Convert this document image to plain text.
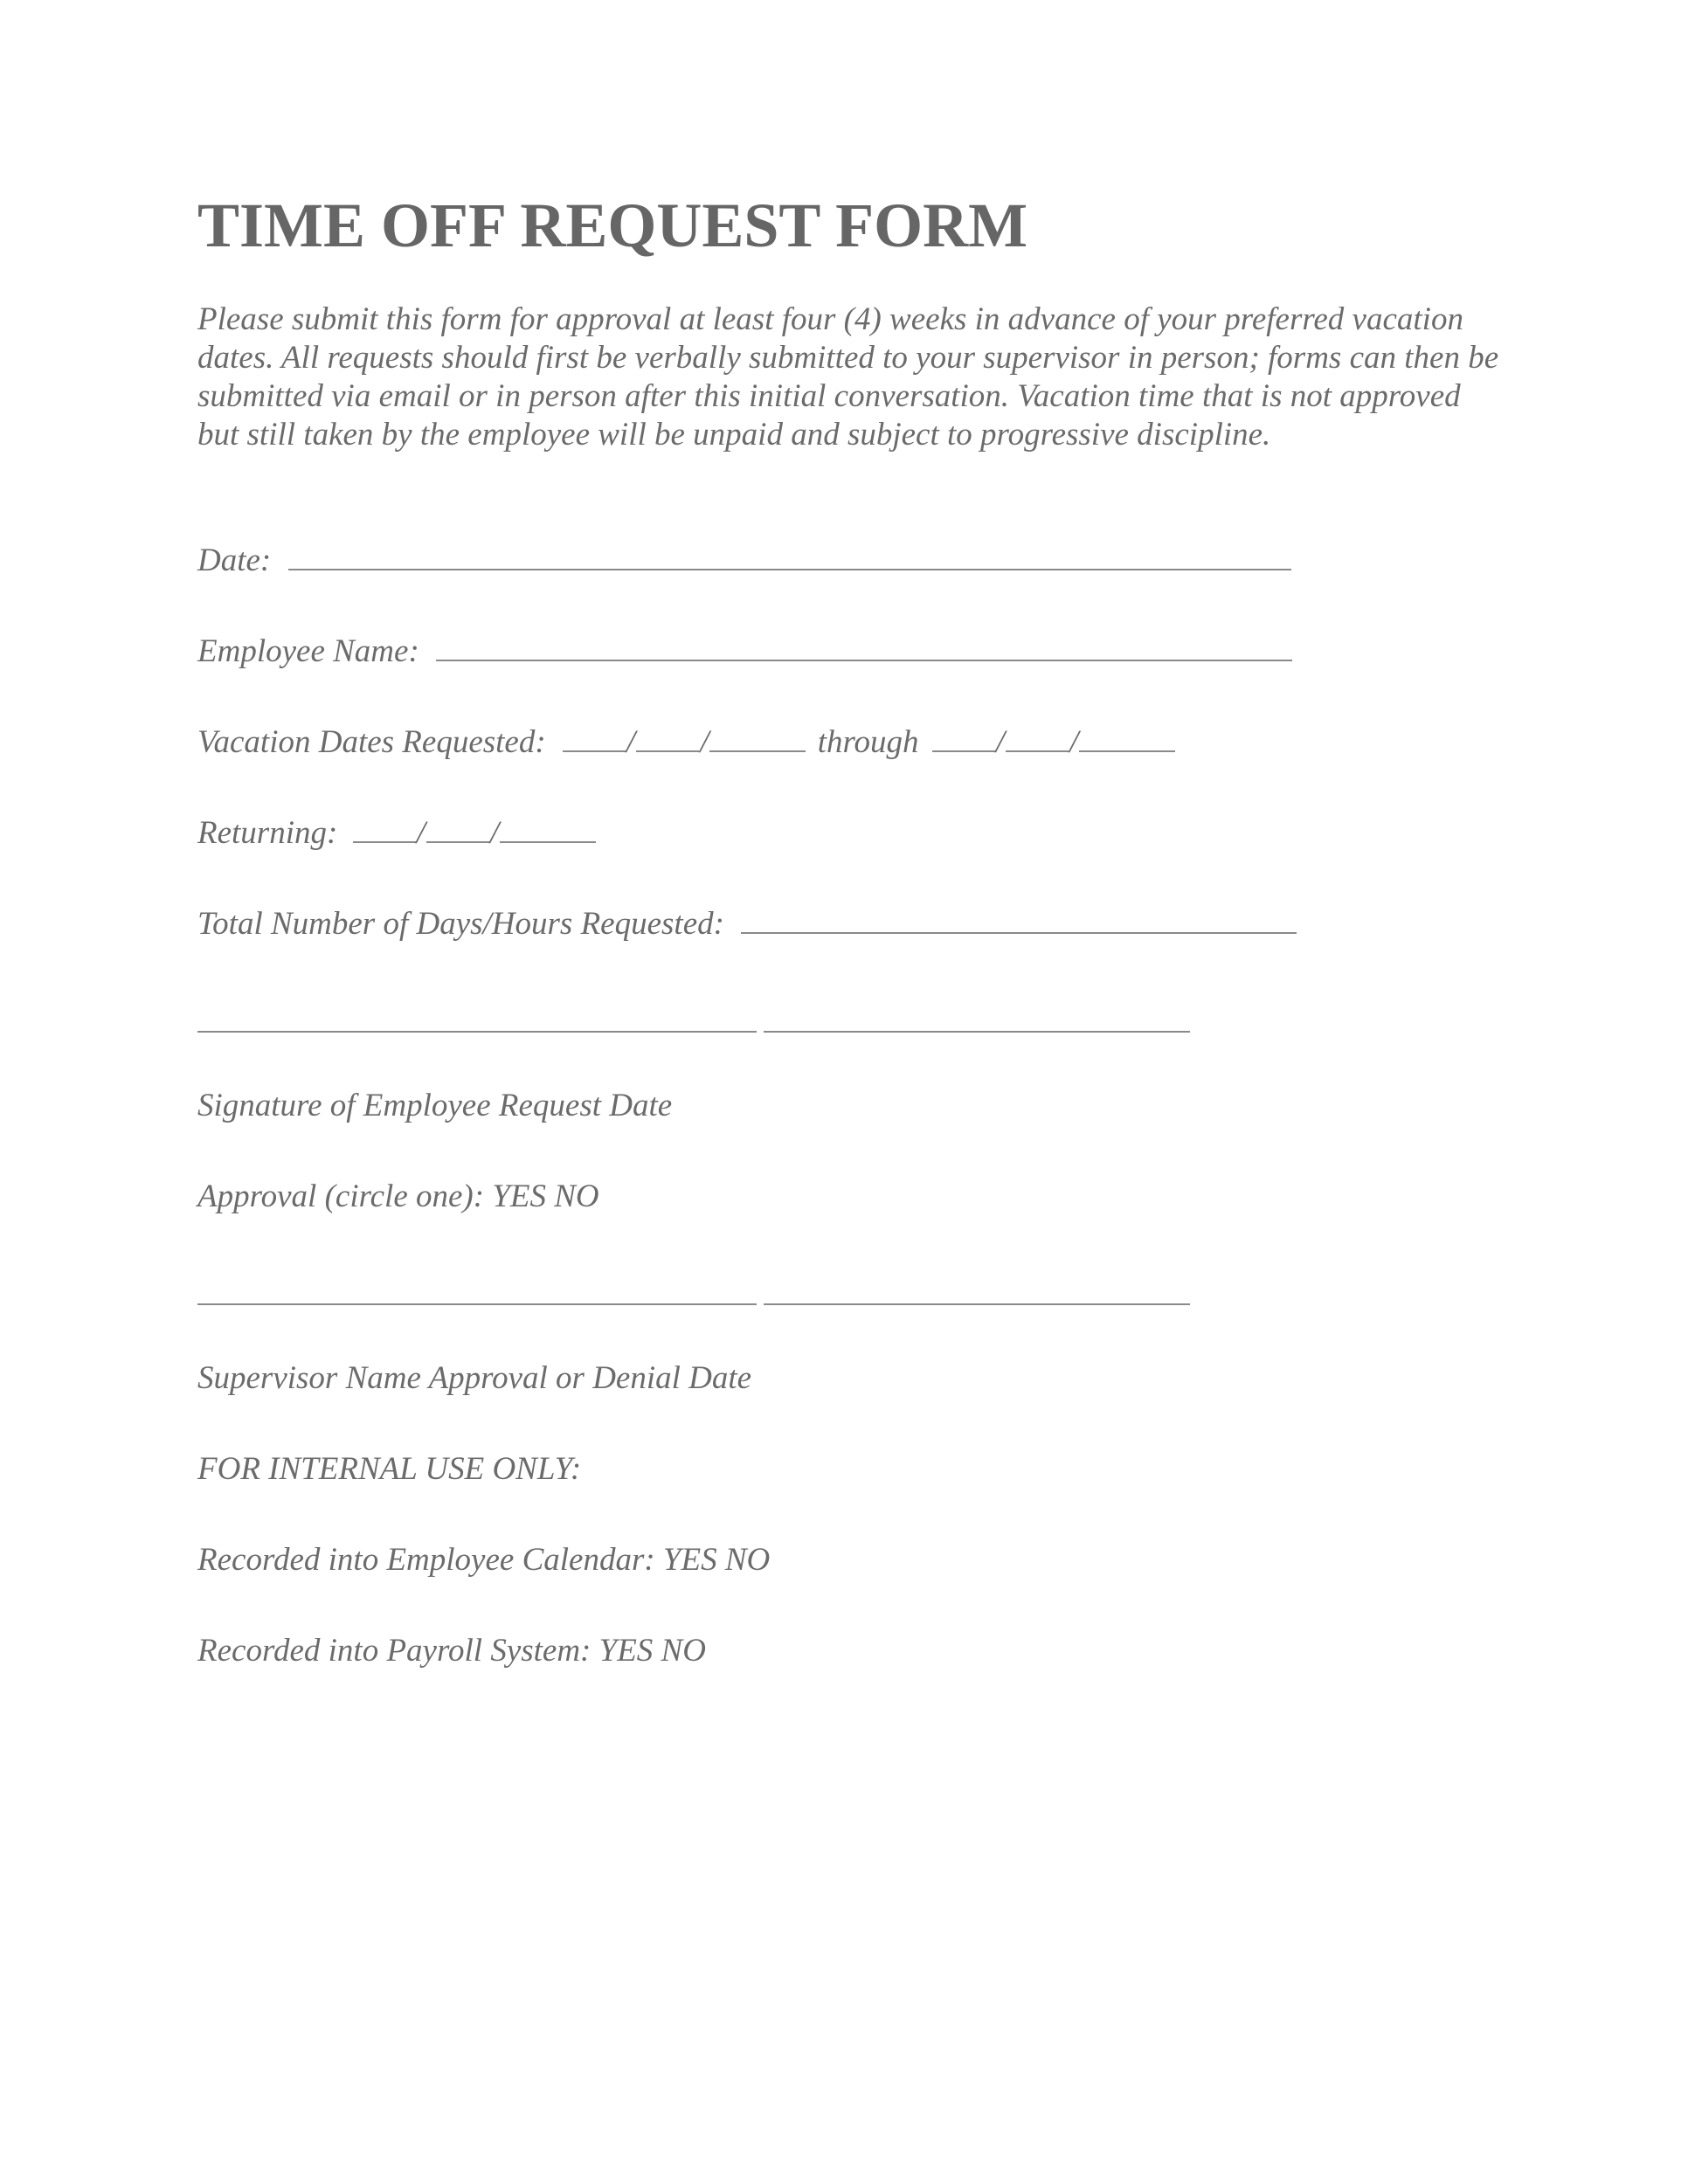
TIME OFF REQUEST FORM

Please submit this form for approval at least four (4) weeks in advance of your preferred vacation dates. All requests should first be verbally submitted to your supervisor in person; forms can then be submitted via email or in person after this initial conversation. Vacation time that is not approved but still taken by the employee will be unpaid and subject to progressive discipline.

Date:
Employee Name:
Vacation Dates Requested: / /	through / /
Returning: / /
Total Number of Days/Hours Requested:
Signature of Employee Request Date
Approval (circle one): YES NO
Supervisor Name Approval or Denial Date
FOR INTERNAL USE ONLY:
Recorded into Employee Calendar: YES NO
Recorded into Payroll System: YES NO
